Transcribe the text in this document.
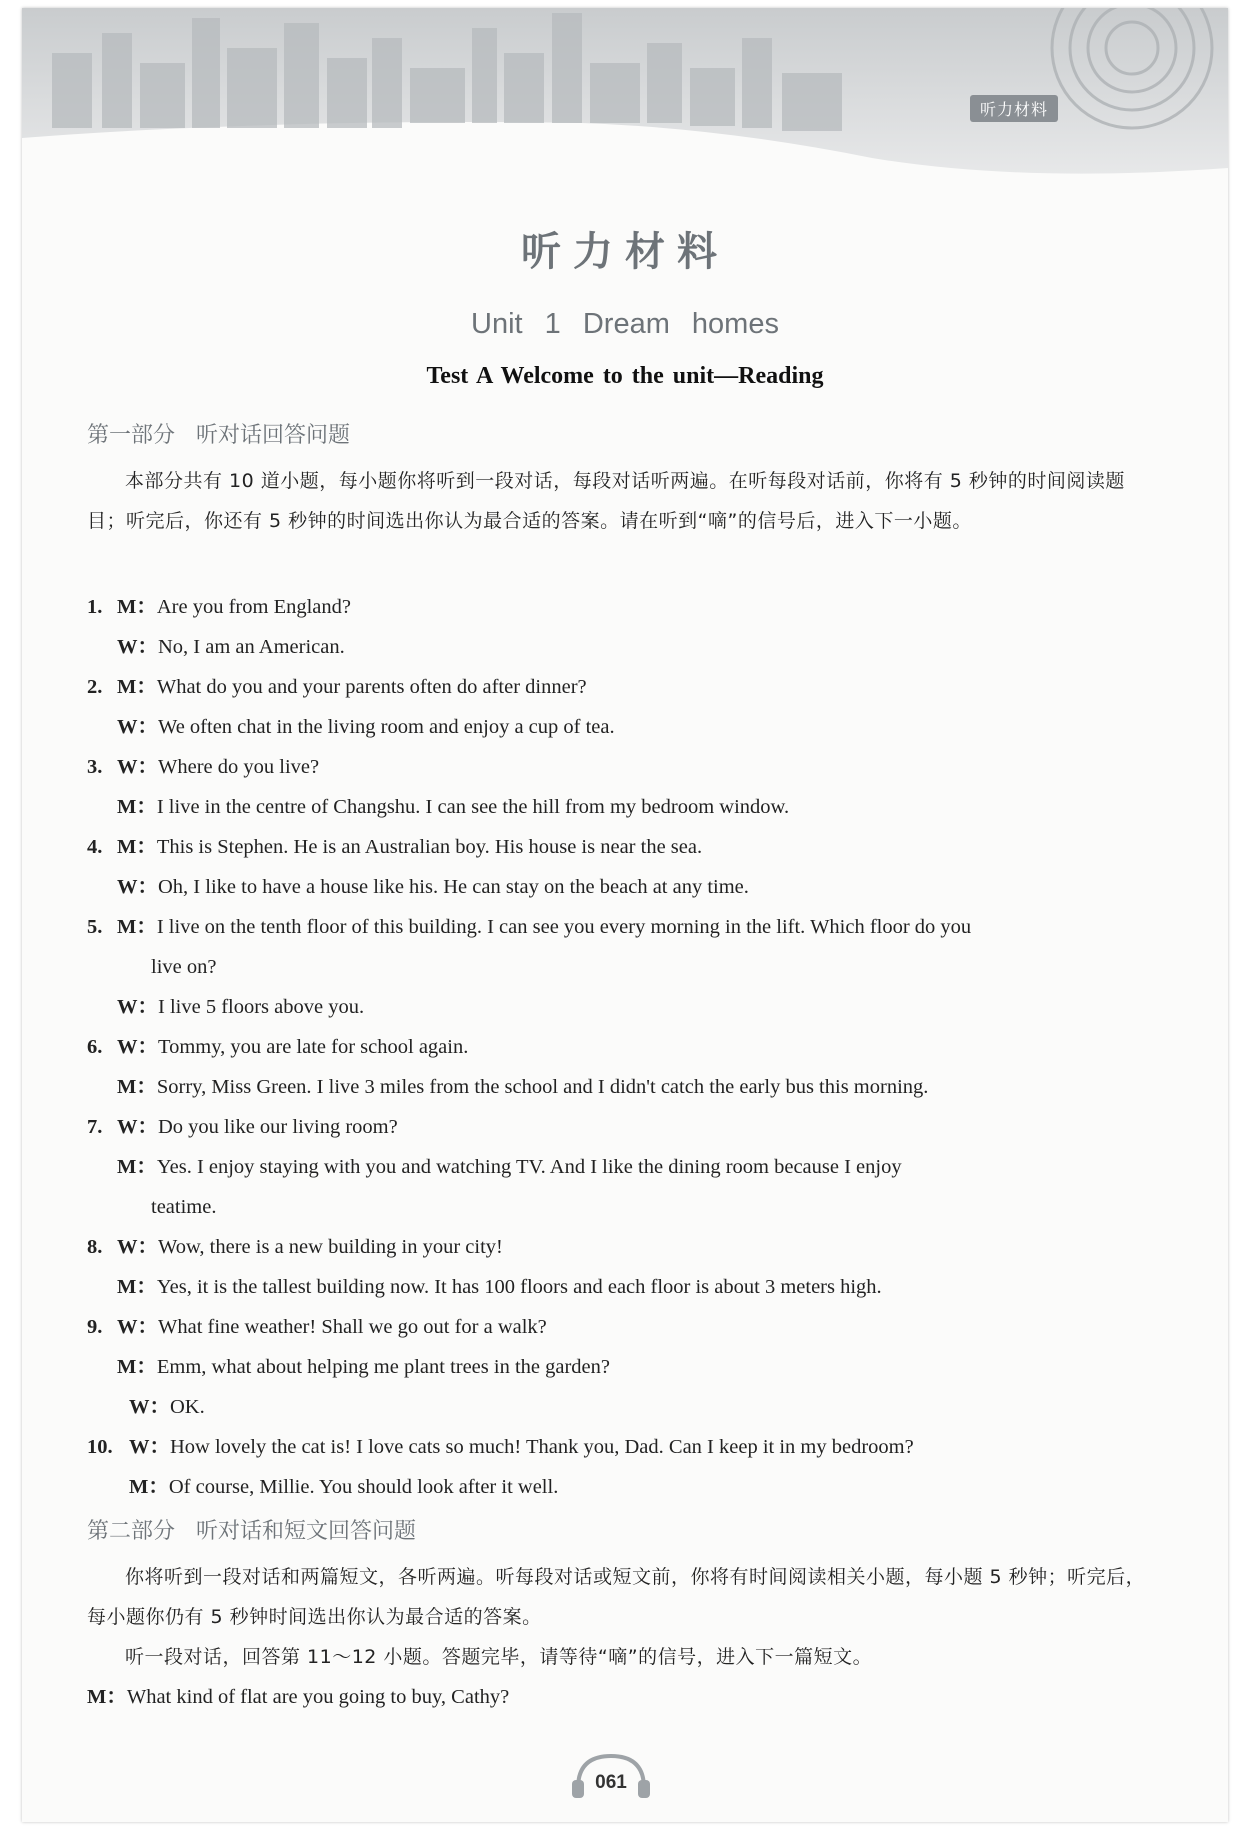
听力材料
听力材料
Unit 1 Dream homes
Test A Welcome to the unit—Reading
第一部分   听对话回答问题
本部分共有 10 道小题，每小题你将听到一段对话，每段对话听两遍。在听每段对话前，你将有 5 秒钟的时间阅读题目；听完后，你还有 5 秒钟的时间选出你认为最合适的答案。请在听到“嘀”的信号后，进入下一小题。
1. M：Are you from England?
W：No, I am an American.
2. M：What do you and your parents often do after dinner?
W：We often chat in the living room and enjoy a cup of tea.
3. W：Where do you live?
M：I live in the centre of Changshu. I can see the hill from my bedroom window.
4. M：This is Stephen. He is an Australian boy. His house is near the sea.
W：Oh, I like to have a house like his. He can stay on the beach at any time.
5. M：I live on the tenth floor of this building. I can see you every morning in the lift. Which floor do you
live on?
W：I live 5 floors above you.
6. W：Tommy, you are late for school again.
M：Sorry, Miss Green. I live 3 miles from the school and I didn't catch the early bus this morning.
7. W：Do you like our living room?
M：Yes. I enjoy staying with you and watching TV. And I like the dining room because I enjoy
teatime.
8. W：Wow, there is a new building in your city!
M：Yes, it is the tallest building now. It has 100 floors and each floor is about 3 meters high.
9. W：What fine weather! Shall we go out for a walk?
M：Emm, what about helping me plant trees in the garden?
W：OK.
10. W：How lovely the cat is! I love cats so much! Thank you, Dad. Can I keep it in my bedroom?
M：Of course, Millie. You should look after it well.
第二部分   听对话和短文回答问题
你将听到一段对话和两篇短文，各听两遍。听每段对话或短文前，你将有时间阅读相关小题，每小题 5 秒钟；听完后，每小题你仍有 5 秒钟时间选出你认为最合适的答案。
听一段对话，回答第 11～12 小题。答题完毕，请等待“嘀”的信号，进入下一篇短文。
M：What kind of flat are you going to buy, Cathy?
061
